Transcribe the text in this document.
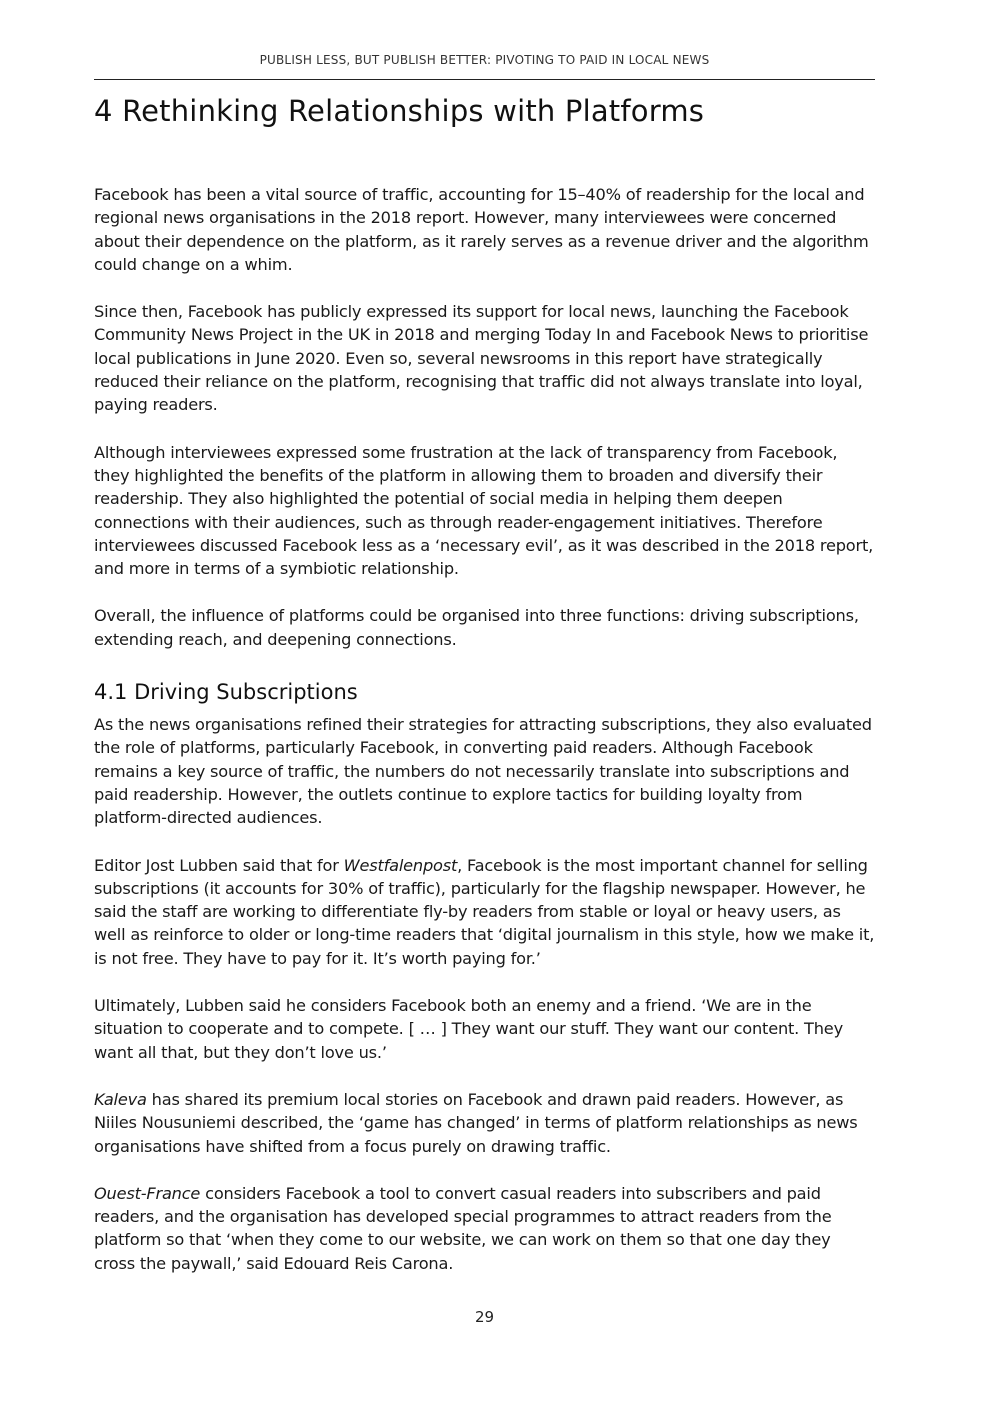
PUBLISH LESS, BUT PUBLISH BETTER: PIVOTING TO PAID IN LOCAL NEWS
4 Rethinking Relationships with Platforms

Facebook has been a vital source of traffic, accounting for 15–40% of readership for the local and regional news organisations in the 2018 report. However, many interviewees were concerned about their dependence on the platform, as it rarely serves as a revenue driver and the algorithm could change on a whim.

Since then, Facebook has publicly expressed its support for local news, launching the Facebook Community News Project in the UK in 2018 and merging Today In and Facebook News to prioritise local publications in June 2020. Even so, several newsrooms in this report have strategically reduced their reliance on the platform, recognising that traffic did not always translate into loyal, paying readers.

Although interviewees expressed some frustration at the lack of transparency from Facebook, they highlighted the benefits of the platform in allowing them to broaden and diversify their readership. They also highlighted the potential of social media in helping them deepen connections with their audiences, such as through reader-engagement initiatives. Therefore interviewees discussed Facebook less as a ‘necessary evil’, as it was described in the 2018 report, and more in terms of a symbiotic relationship.

Overall, the influence of platforms could be organised into three functions: driving subscriptions, extending reach, and deepening connections.

4.1 Driving Subscriptions

As the news organisations refined their strategies for attracting subscriptions, they also evaluated the role of platforms, particularly Facebook, in converting paid readers. Although Facebook remains a key source of traffic, the numbers do not necessarily translate into subscriptions and paid readership. However, the outlets continue to explore tactics for building loyalty from platform-directed audiences.

Editor Jost Lubben said that for Westfalenpost, Facebook is the most important channel for selling subscriptions (it accounts for 30% of traffic), particularly for the flagship newspaper. However, he said the staff are working to differentiate fly-by readers from stable or loyal or heavy users, as well as reinforce to older or long-time readers that ‘digital journalism in this style, how we make it, is not free. They have to pay for it. It’s worth paying for.’

Ultimately, Lubben said he considers Facebook both an enemy and a friend. ‘We are in the situation to cooperate and to compete. [ … ] They want our stuff. They want our content. They want all that, but they don’t love us.’

Kaleva has shared its premium local stories on Facebook and drawn paid readers. However, as Niiles Nousuniemi described, the ‘game has changed’ in terms of platform relationships as news organisations have shifted from a focus purely on drawing traffic.

Ouest-France considers Facebook a tool to convert casual readers into subscribers and paid readers, and the organisation has developed special programmes to attract readers from the platform so that ‘when they come to our website, we can work on them so that one day they cross the paywall,’ said Edouard Reis Carona.

29
